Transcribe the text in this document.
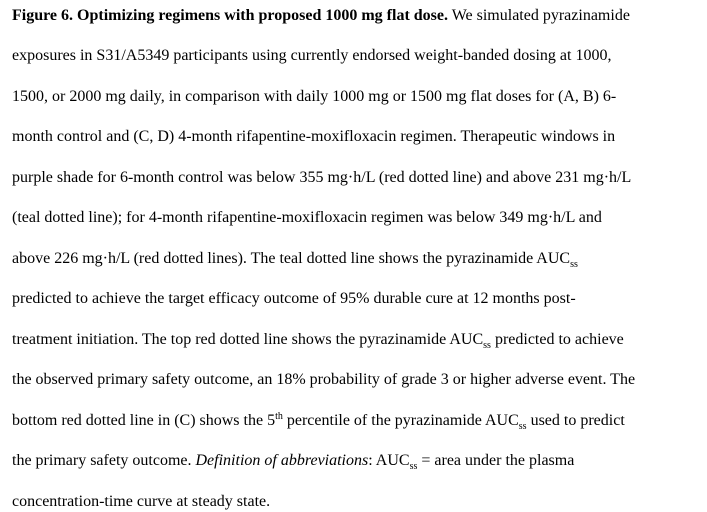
Figure 6. Optimizing regimens with proposed 1000 mg flat dose. We simulated pyrazinamide
exposures in S31/A5349 participants using currently endorsed weight-banded dosing at 1000,
1500, or 2000 mg daily, in comparison with daily 1000 mg or 1500 mg flat doses for (A, B) 6-
month control and (C, D) 4-month rifapentine-moxifloxacin regimen. Therapeutic windows in
purple shade for 6-month control was below 355 mg·h/L (red dotted line) and above 231 mg·h/L
(teal dotted line); for 4-month rifapentine-moxifloxacin regimen was below 349 mg·h/L and
above 226 mg·h/L (red dotted lines). The teal dotted line shows the pyrazinamide $AUC_{ss}$
predicted to achieve the target efficacy outcome of 95% durable cure at 12 months post-
treatment initiation. The top red dotted line shows the pyrazinamide $AUC_{ss}$ predicted to achieve
the observed primary safety outcome, an 18% probability of grade 3 or higher adverse event. The
bottom red dotted line in (C) shows the 5th percentile of the pyrazinamide $AUC_{ss}$ used to predict
the primary safety outcome. Definition of abbreviations: $AUC_{ss}$ = area under the plasma
concentration-time curve at steady state.
